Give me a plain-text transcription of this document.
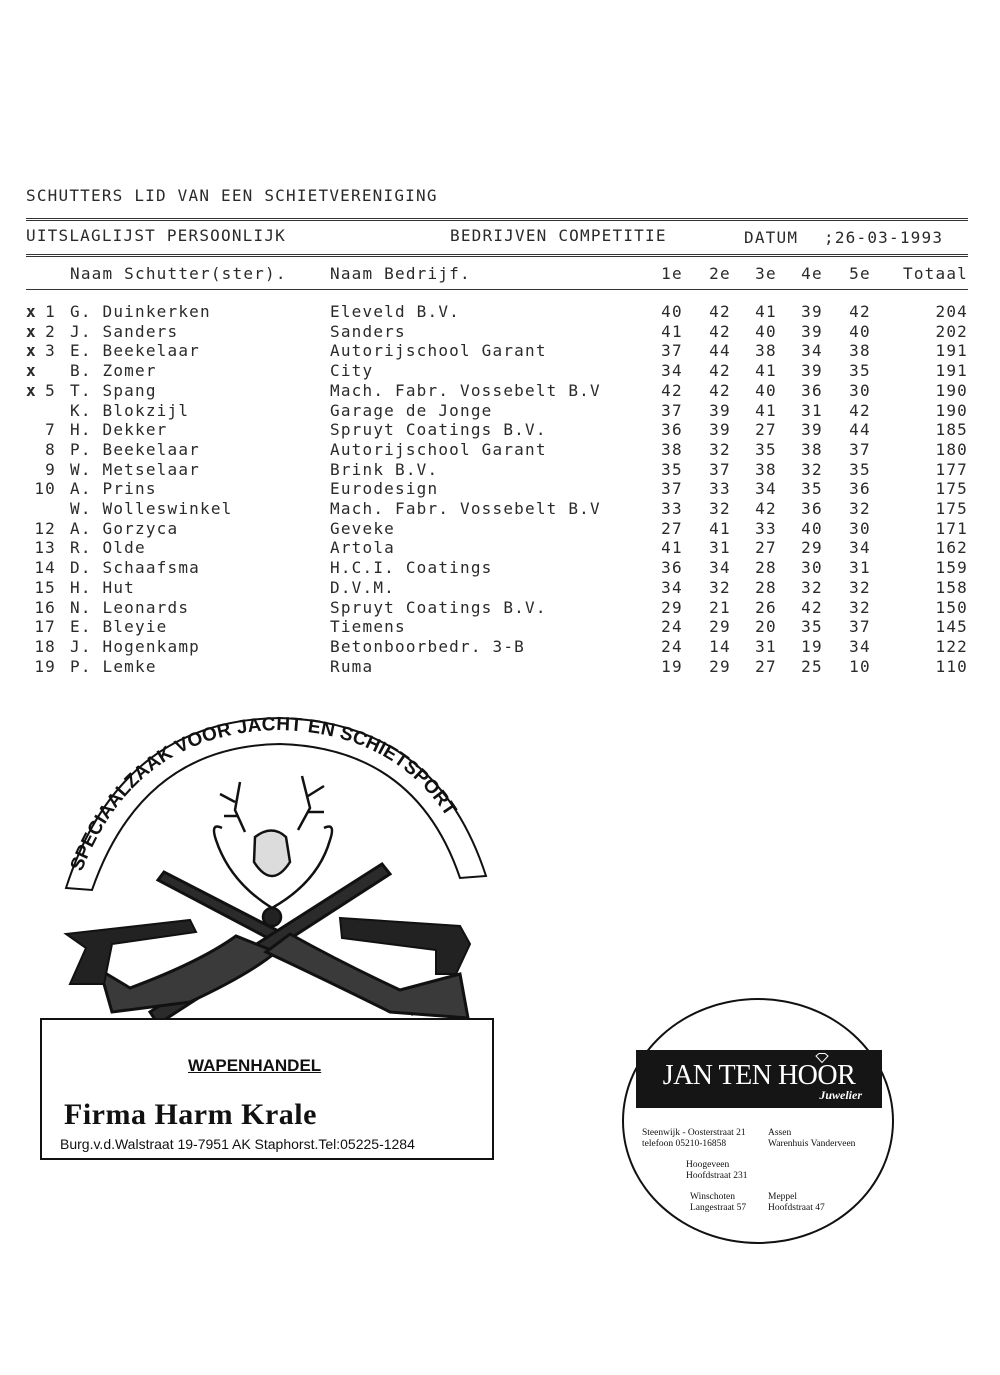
SCHUTTERS LID VAN EEN SCHIETVERENIGING
UITSLAGLIJST PERSOONLIJK	BEDRIJVEN COMPETITIE	DATUM ;26-03-1993
Naam Schutter(ster).	Naam Bedrijf.	1e	2e	3e	4e	5e	Totaal
x 1 G. Duinkerken	Eleveld B.V.	40	42	41	39	42	204
x 2 J. Sanders	Sanders	41	42	40	39	40	202
x 3 E. Beekelaar	Autorijschool Garant	37	44	38	34	38	191
x B. Zomer	City	34	42	41	39	35	191
x 5 T. Spang	Mach. Fabr. Vossebelt B.V	42	42	40	36	30	190
K. Blokzijl	Garage de Jonge	37	39	41	31	42	190
7 H. Dekker	Spruyt Coatings B.V.	36	39	27	39	44	185
8 P. Beekelaar	Autorijschool Garant	38	32	35	38	37	180
9 W. Metselaar	Brink B.V.	35	37	38	32	35	177
10 A. Prins	Eurodesign	37	33	34	35	36	175
W. Wolleswinkel	Mach. Fabr. Vossebelt B.V	33	32	42	36	32	175
12 A. Gorzyca	Geveke	27	41	33	40	30	171
13 R. Olde	Artola	41	31	27	29	34	162
14 D. Schaafsma	H.C.I. Coatings	36	34	28	30	31	159
15 H. Hut	D.V.M.	34	32	28	32	32	158
16 N. Leonards	Spruyt Coatings B.V.	29	21	26	42	32	150
17 E. Bleyie	Tiemens	24	29	20	35	37	145
18 J. Hogenkamp	Betonboorbedr. 3-B	24	14	31	19	34	122
19 P. Lemke	Ruma	19	29	27	25	10	110
SPECIAALZAAK VOOR JACHT EN SCHIETSPORT
WAPENHANDEL
Firma Harm Krale
Burg.v.d.Walstraat 19-7951 AK Staphorst.Tel:05225-1284
JAN TEN HOOR
Juwelier
Steenwijk - Oosterstraat 21
telefoon 05210-16858
Assen
Warenhuis Vanderveen
Hoogeveen
Hoofdstraat 231
Winschoten
Langestraat 57
Meppel
Hoofdstraat 47
